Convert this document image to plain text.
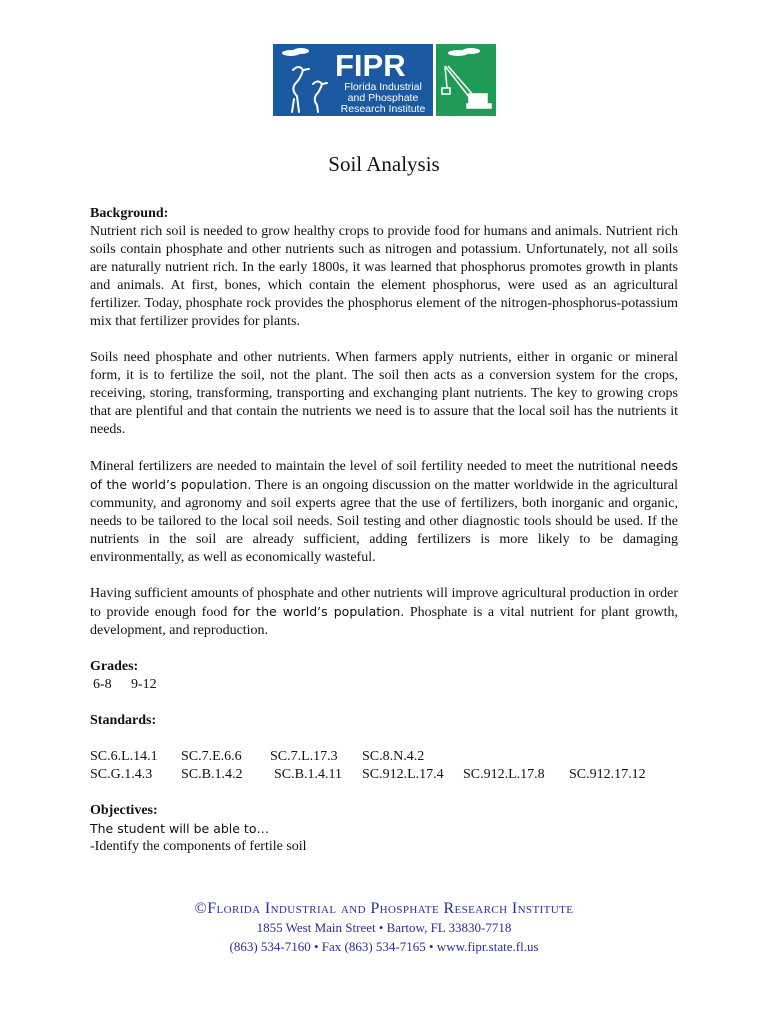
FIPR
Florida Industrial
and Phosphate
Research Institute
Soil Analysis
Background:

Nutrient rich soil is needed to grow healthy crops to provide food for humans and animals. Nutrient rich soils contain phosphate and other nutrients such as nitrogen and potassium. Unfortunately, not all soils are naturally nutrient rich. In the early 1800s, it was learned that phosphorus promotes growth in plants and animals. At first, bones, which contain the element phosphorus, were used as an agricultural fertilizer. Today, phosphate rock provides the phosphorus element of the nitrogen-phosphorus-potassium mix that fertilizer provides for plants.

Soils need phosphate and other nutrients. When farmers apply nutrients, either in organic or mineral form, it is to fertilize the soil, not the plant. The soil then acts as a conversion system for the crops, receiving, storing, transforming, transporting and exchanging plant nutrients. The key to growing crops that are plentiful and that contain the nutrients we need is to assure that the local soil has the nutrients it needs.

Mineral fertilizers are needed to maintain the level of soil fertility needed to meet the nutritional needs of the world’s population. There is an ongoing discussion on the matter worldwide in the agricultural community, and agronomy and soil experts agree that the use of fertilizers, both inorganic and organic, needs to be tailored to the local soil needs. Soil testing and other diagnostic tools should be used. If the nutrients in the soil are already sufficient, adding fertilizers is more likely to be damaging environmentally, as well as economically wasteful.

Having sufficient amounts of phosphate and other nutrients will improve agricultural production in order to provide enough food for the world’s population. Phosphate is a vital nutrient for plant growth, development, and reproduction.

Grades:
6-8 9-12
Standards:
SC.6.L.14.1	SC.7.E.6.6	SC.7.L.17.3	SC.8.N.4.2
SC.G.1.4.3	SC.B.1.4.2	SC.B.1.4.11	SC.912.L.17.4	SC.912.L.17.8	SC.912.17.12
Objectives:
The student will be able to…
-Identify the components of fertile soil
©Florida Industrial and Phosphate Research Institute
1855 West Main Street • Bartow, FL 33830-7718
(863) 534-7160 • Fax (863) 534-7165 • www.fipr.state.fl.us
